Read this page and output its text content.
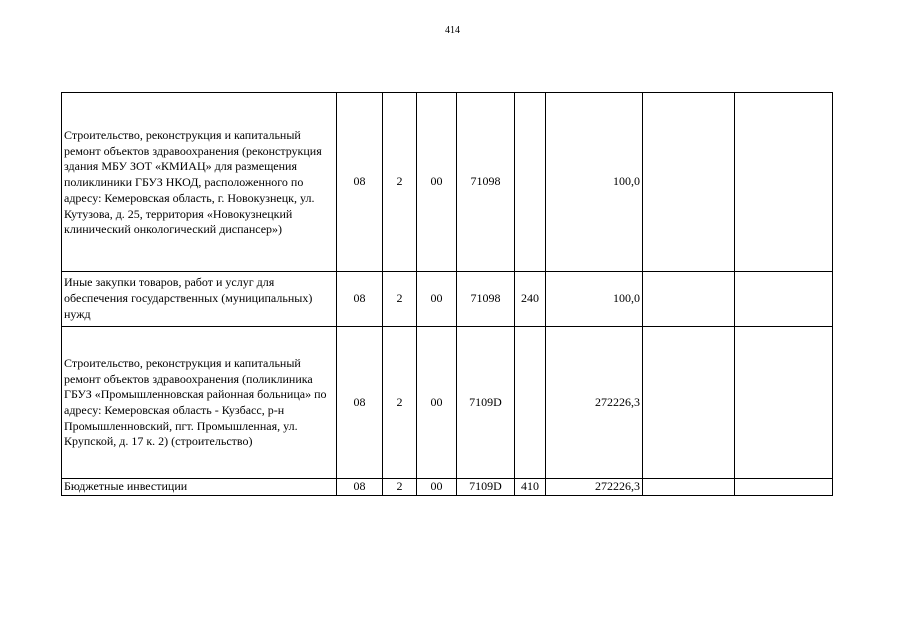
414
Строительство, реконструкция и капитальный ремонт объектов здравоохранения (реконструкция здания МБУ ЗОТ «КМИАЦ» для размещения поликлиники ГБУЗ НКОД, расположенного по адресу: Кемеровская область, г. Новокузнецк, ул. Кутузова, д. 25, территория «Новокузнецкий клинический онкологический диспансер»)	08	2	00	71098		100,0		
Иные закупки товаров, работ и услуг для обеспечения государственных (муниципальных) нужд	08	2	00	71098	240	100,0		
Строительство, реконструкция и капитальный ремонт объектов здравоохранения (поликлиника ГБУЗ «Промышленновская районная больница» по адресу: Кемеровская область - Кузбасс, р-н Промышленновский, пгт. Промышленная, ул. Крупской, д. 17 к. 2) (строительство)	08	2	00	7109D		272226,3		
Бюджетные инвестиции	08	2	00	7109D	410	272226,3		
